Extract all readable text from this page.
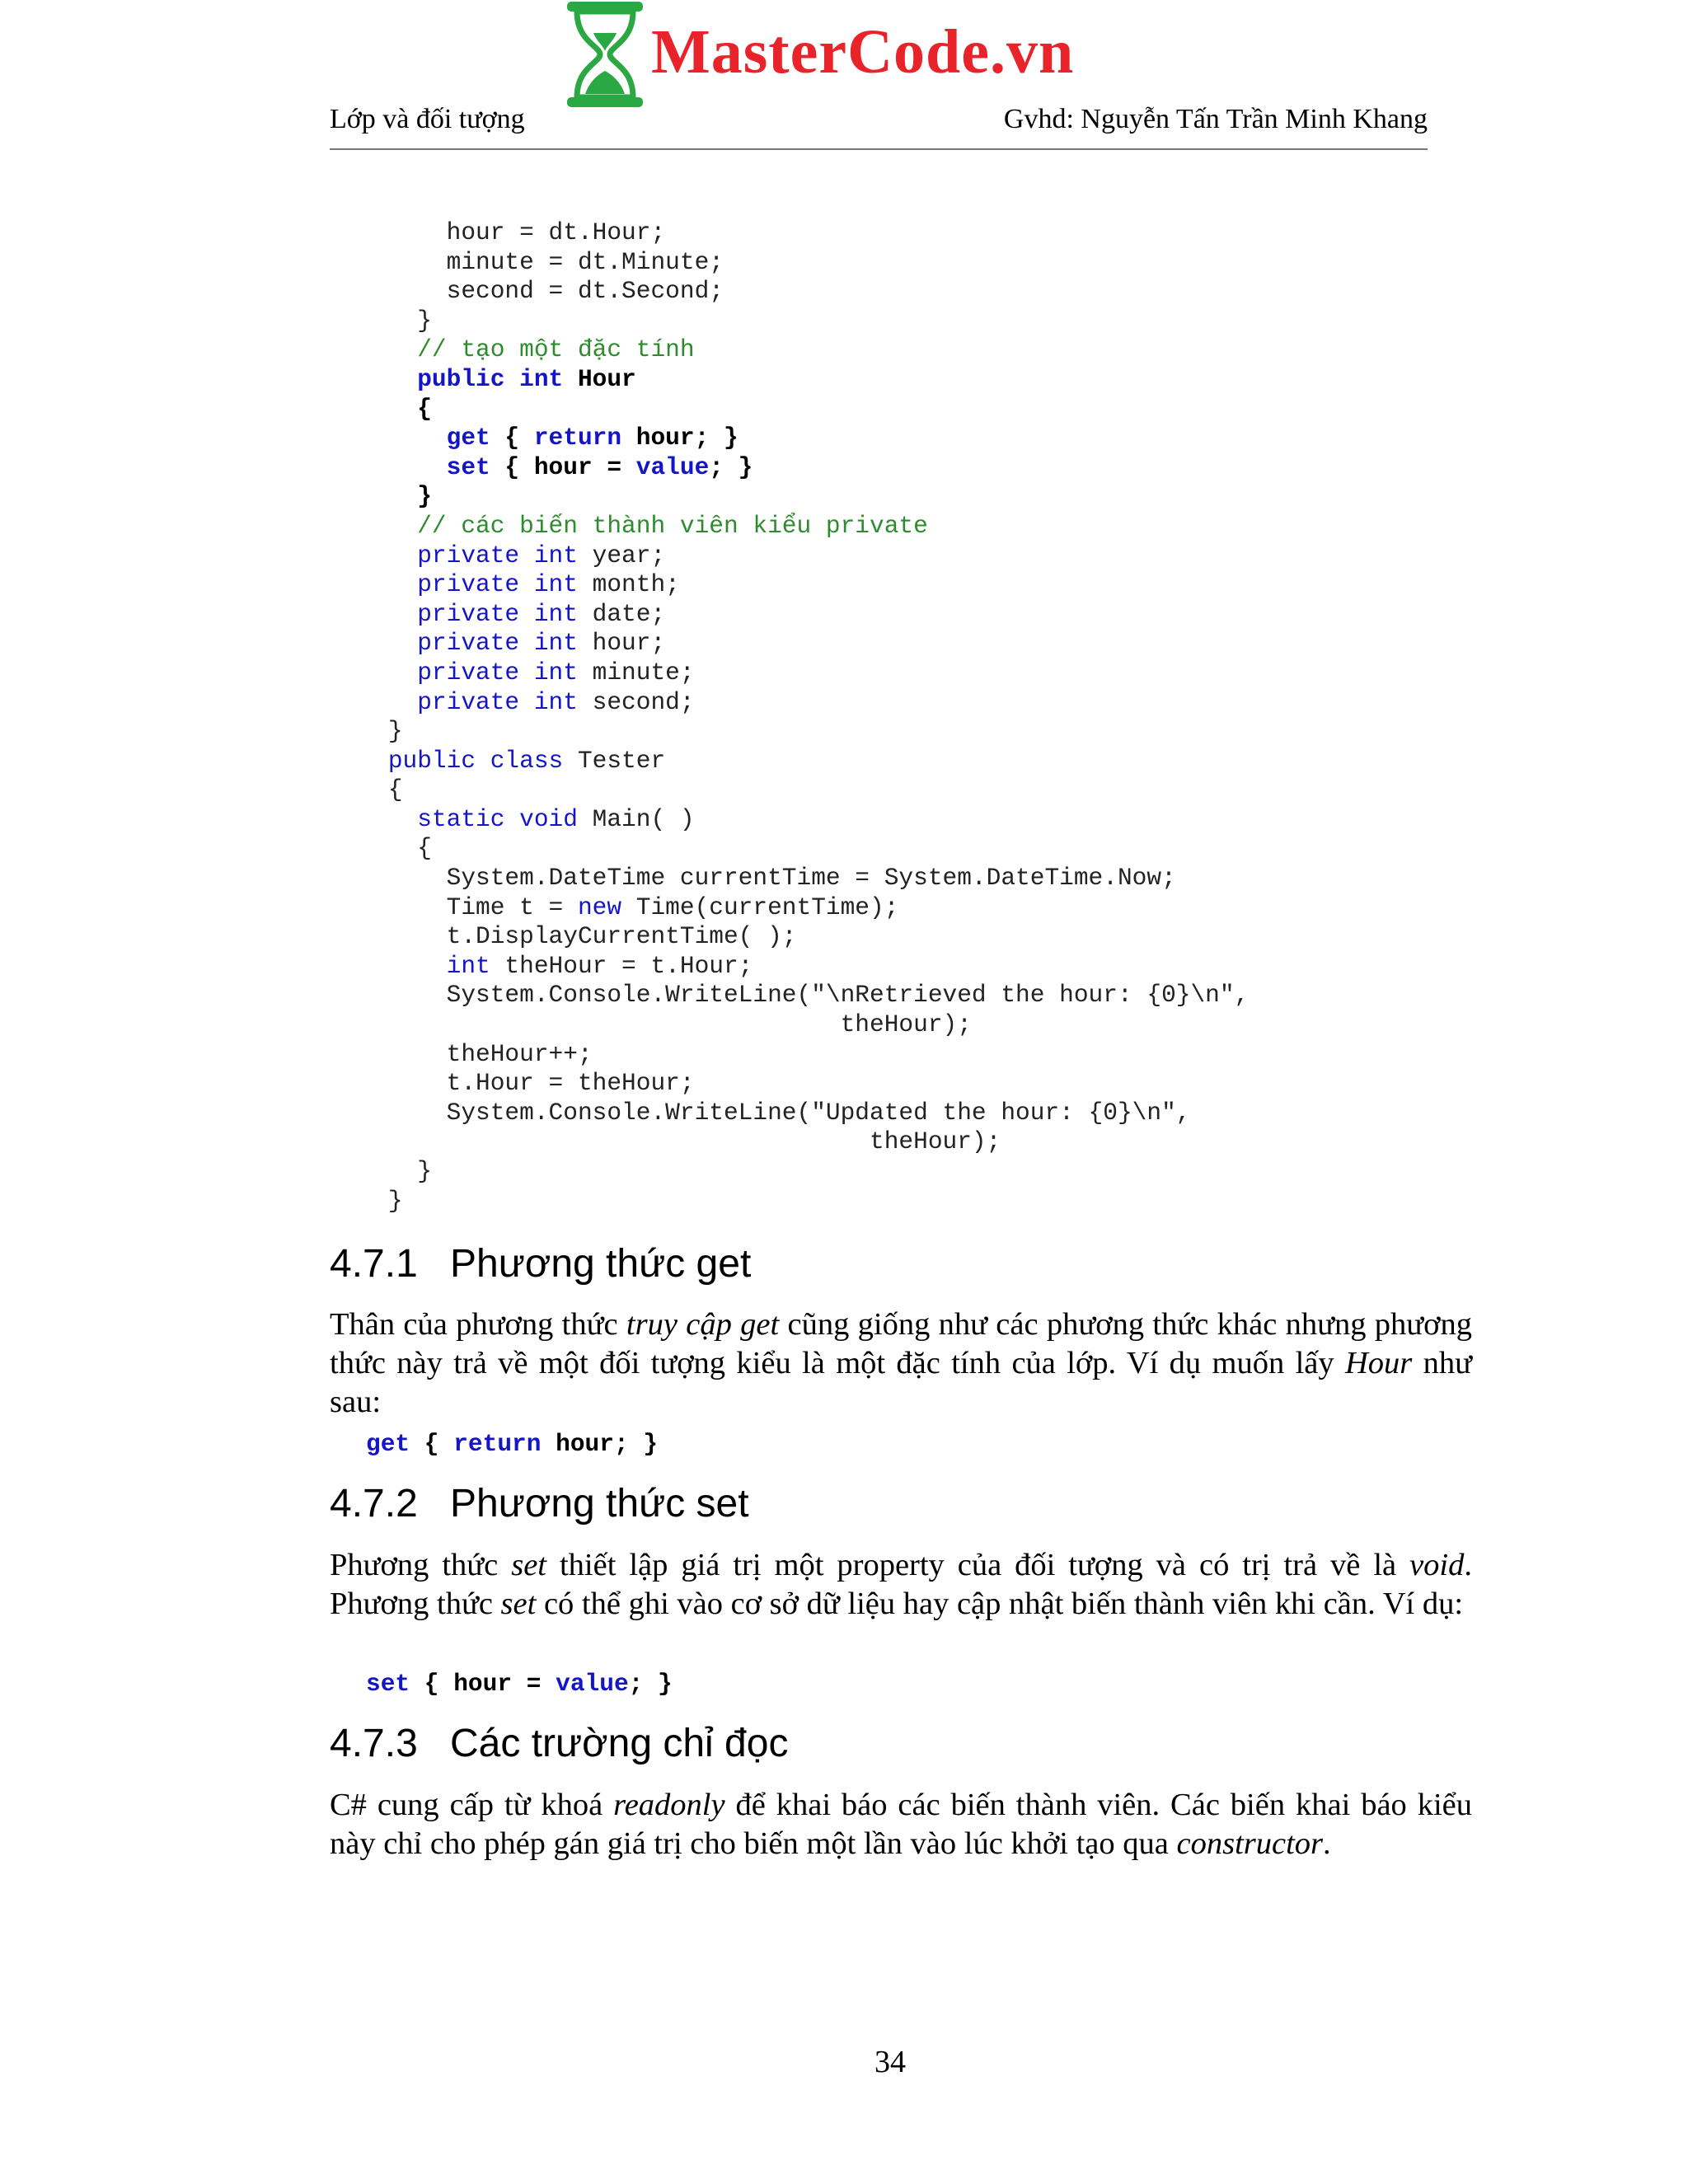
MasterCode.vn
Lớp và đối tượng	Gvhd: Nguyễn Tấn Trần Minh Khang
hour = dt.Hour;
minute = dt.Minute;
second = dt.Second;
}
// tạo một đặc tính
public int Hour
{
get { return hour; }
set { hour = value; }
}
// các biến thành viên kiểu private
private int year;
private int month;
private int date;
private int hour;
private int minute;
private int second;
}
public class Tester
{
static void Main( )
{
System.DateTime currentTime = System.DateTime.Now;
Time t = new Time(currentTime);
t.DisplayCurrentTime( );
int theHour = t.Hour;
System.Console.WriteLine("\nRetrieved the hour: {0}\n",
theHour);
theHour++;
t.Hour = theHour;
System.Console.WriteLine("Updated the hour: {0}\n",
theHour);
}
}
4.7.1 Phương thức get

Thân của phương thức truy cập get cũng giống như các phương thức khác nhưng phương thức này trả về một đối tượng kiểu là một đặc tính của lớp. Ví dụ muốn lấy Hour như sau:

get { return hour; }
4.7.2 Phương thức set

Phương thức set thiết lập giá trị một property của đối tượng và có trị trả về là void. Phương thức set có thể ghi vào cơ sở dữ liệu hay cập nhật biến thành viên khi cần. Ví dụ:

set { hour = value; }
4.7.3 Các trường chỉ đọc

C# cung cấp từ khoá readonly để khai báo các biến thành viên. Các biến khai báo kiểu này chỉ cho phép gán giá trị cho biến một lần vào lúc khởi tạo qua constructor.

34
